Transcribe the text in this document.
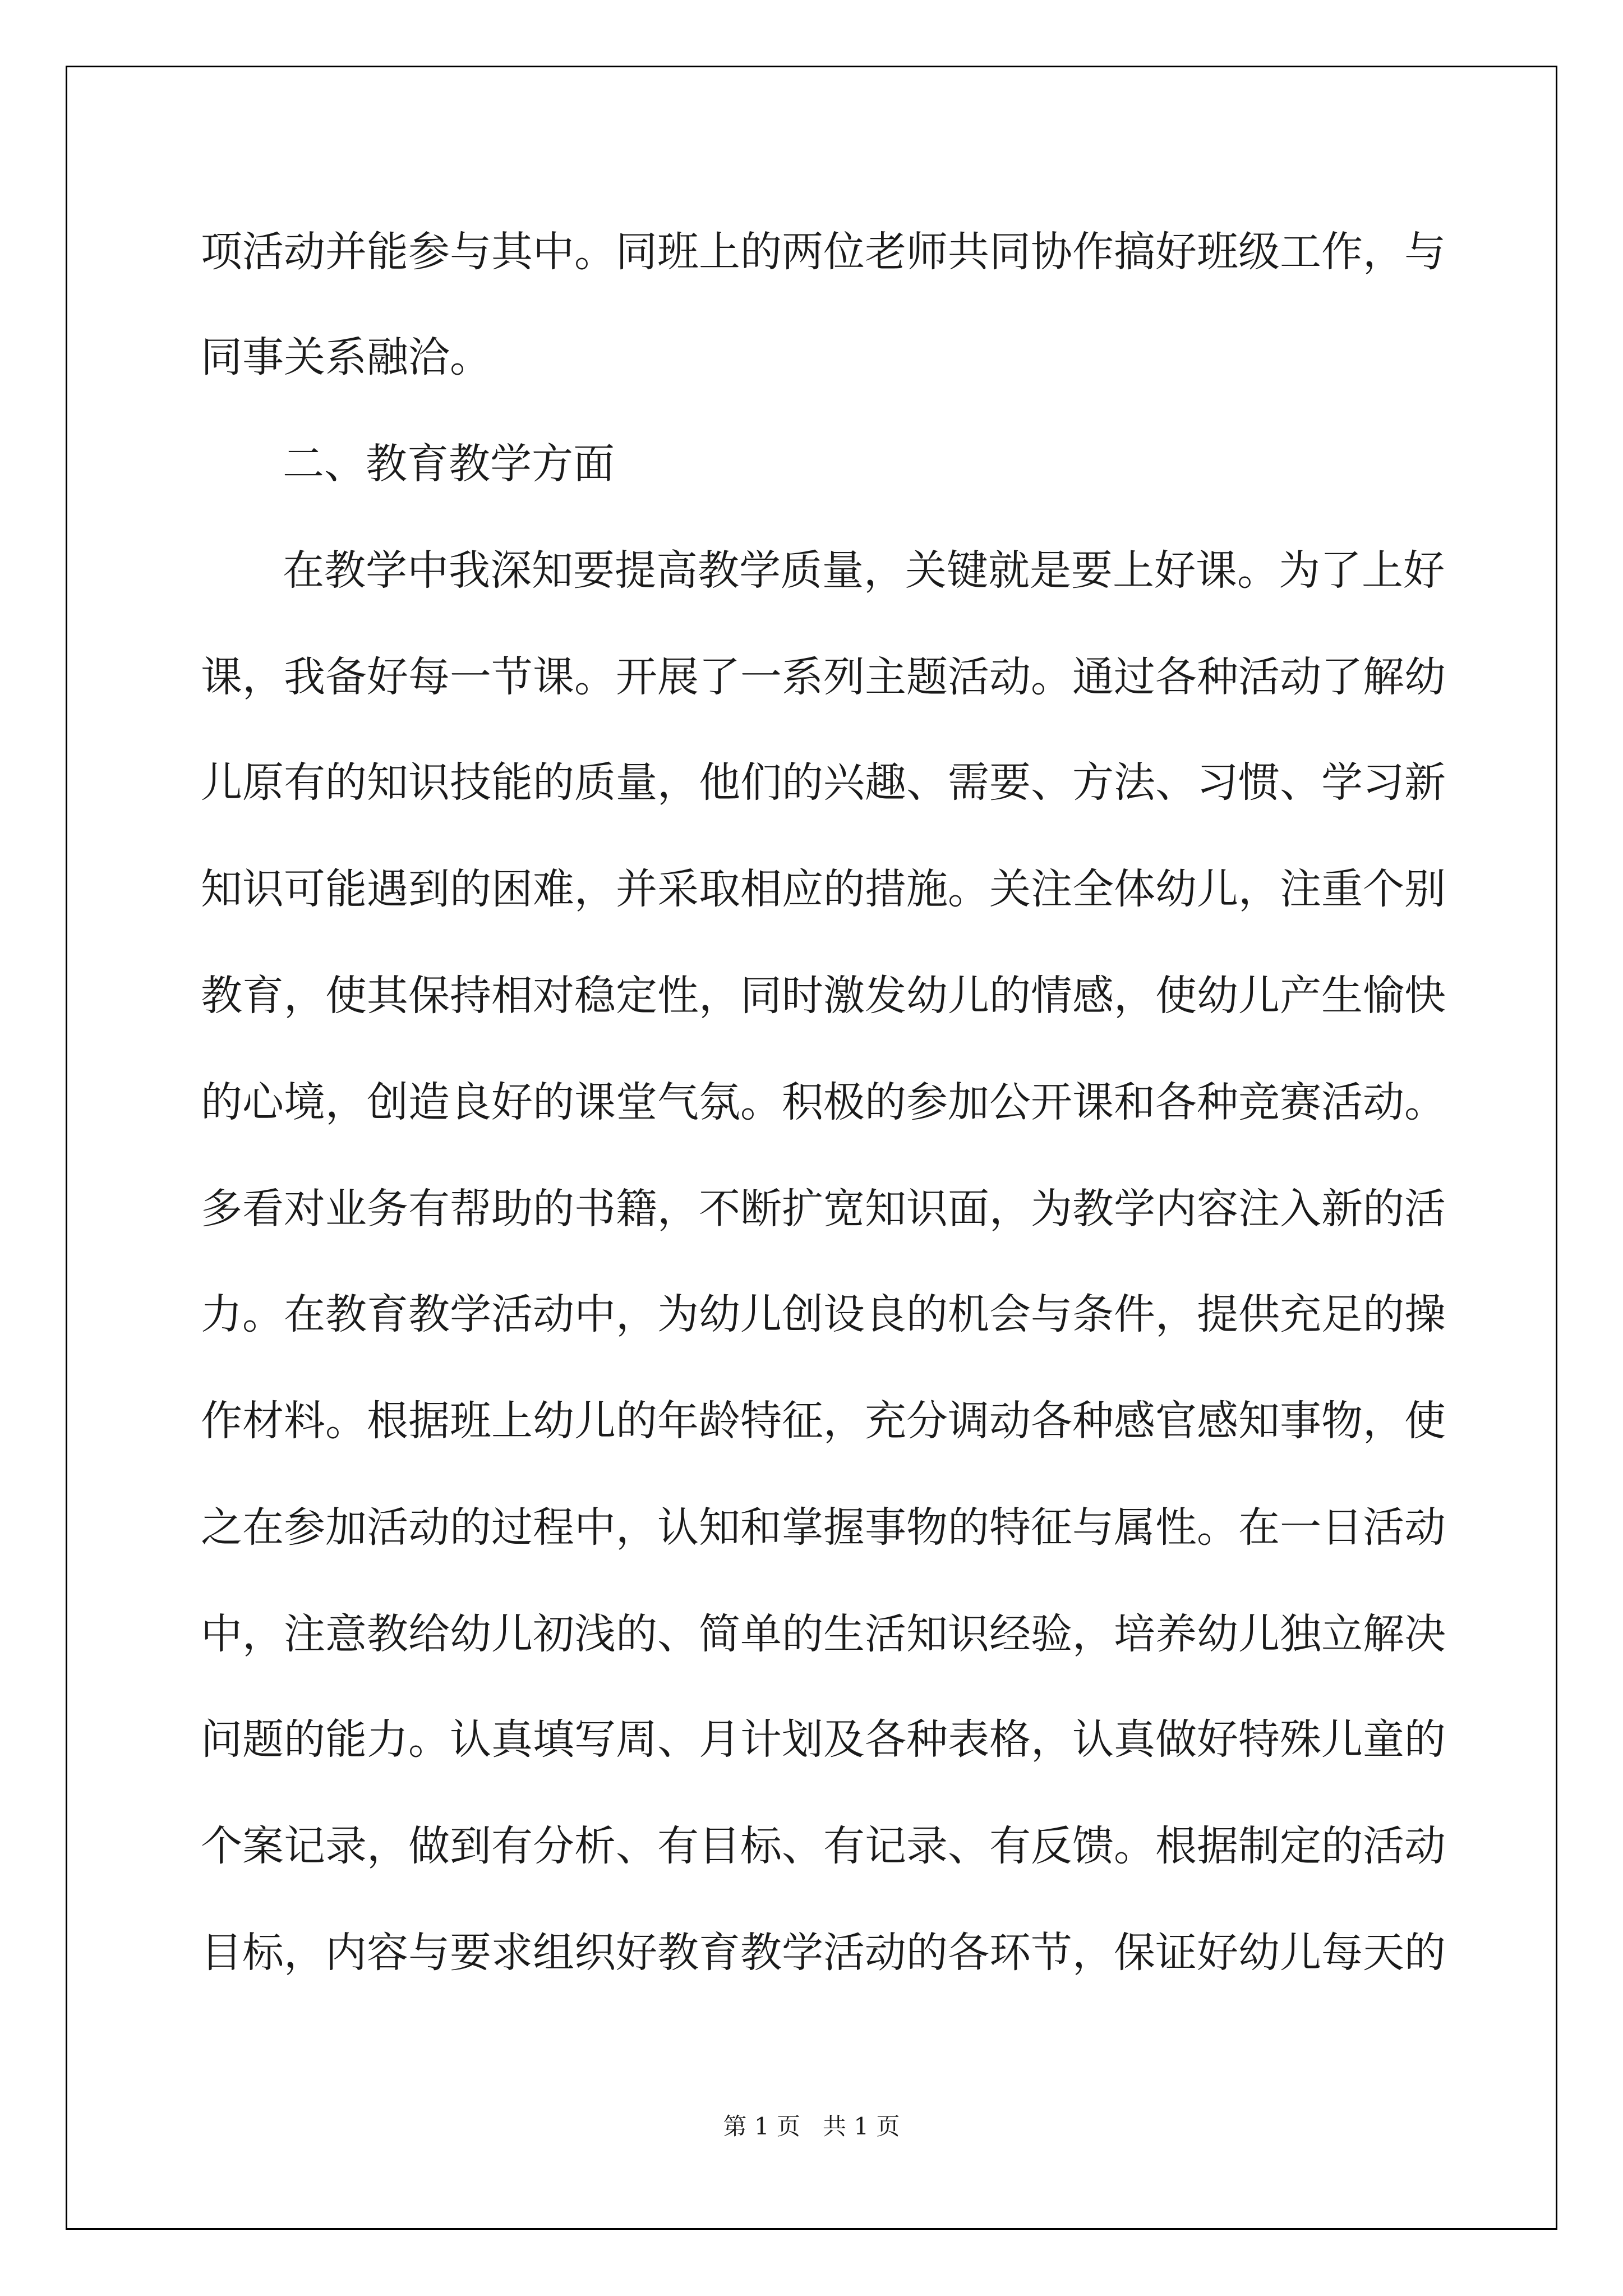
项活动并能参与其中。同班上的两位老师共同协作搞好班级工作，与
同事关系融洽。
二、教育教学方面
在教学中我深知要提高教学质量，关键就是要上好课。为了上好
课，我备好每一节课。开展了一系列主题活动。通过各种活动了解幼
儿原有的知识技能的质量，他们的兴趣、需要、方法、习惯、学习新
知识可能遇到的困难，并采取相应的措施。关注全体幼儿，注重个别
教育，使其保持相对稳定性，同时激发幼儿的情感，使幼儿产生愉快
的心境，创造良好的课堂气氛。积极的参加公开课和各种竞赛活动。
多看对业务有帮助的书籍，不断扩宽知识面，为教学内容注入新的活
力。在教育教学活动中，为幼儿创设良的机会与条件，提供充足的操
作材料。根据班上幼儿的年龄特征，充分调动各种感官感知事物，使
之在参加活动的过程中，认知和掌握事物的特征与属性。在一日活动
中，注意教给幼儿初浅的、简单的生活知识经验，培养幼儿独立解决
问题的能力。认真填写周、月计划及各种表格，认真做好特殊儿童的
个案记录，做到有分析、有目标、有记录、有反馈。根据制定的活动
目标，内容与要求组织好教育教学活动的各环节，保证好幼儿每天的
第 1 页   共 1 页
